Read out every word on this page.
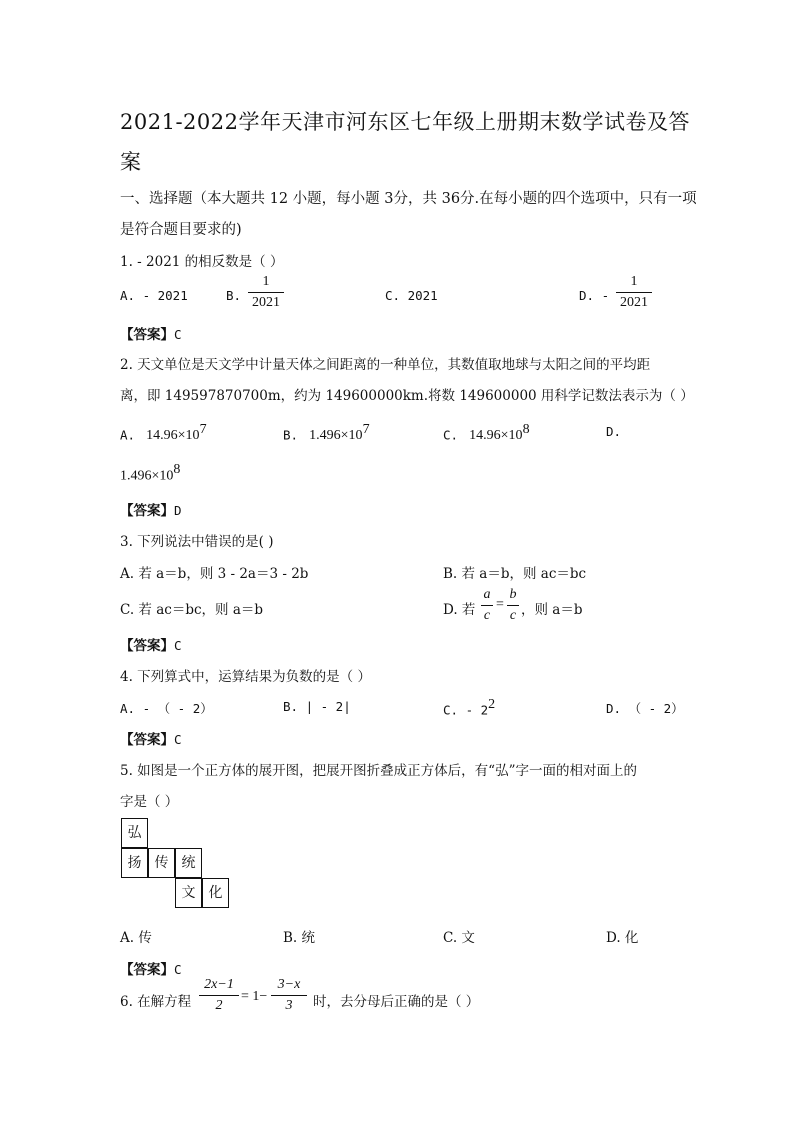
2021-2022学年天津市河东区七年级上册期末数学试卷及答
案
一、选择题（本大题共 12 小题，每小题 3分，共 36分.在每小题的四个选项中，只有一项
是符合题目要求的)
1. - 2021 的相反数是（ ）
A. - 2021	B.
1
2021	C. 2021	D. -
1
2021
【答案】C
2. 天文单位是天文学中计量天体之间距离的一种单位，其数值取地球与太阳之间的平均距
离，即 149597870700m，约为 149600000km.将数 149600000 用科学记数法表示为（ ）
A. $14.96\times 10^7$	B. $1.496\times 10^7$	C. $14.96\times 10^8$	D.
$1.496\times 10^8$
【答案】D
3. 下列说法中错误的是( )
A. 若 a＝b，则 3 - 2a＝3 - 2b	B. 若 a＝b，则 ac＝bc
C. 若 ac＝bc，则 a＝b	D. 若
a
c
=
b
c ，则 a＝b
【答案】C
4. 下列算式中，运算结果为负数的是（ ）
A. - （ - 2）	B. | - 2|	C. - $2^2$	D. （ - 2）
【答案】C
5. 如图是一个正方体的展开图，把展开图折叠成正方体后，有“弘”字一面的相对面上的
字是（ ）
弘
扬 传 统
文 化
A. 传	B. 统	C. 文	D. 化
【答案】C
6. 在解方程
2x−1
2
= 1−
3−x
3	时，去分母后正确的是（ ）
